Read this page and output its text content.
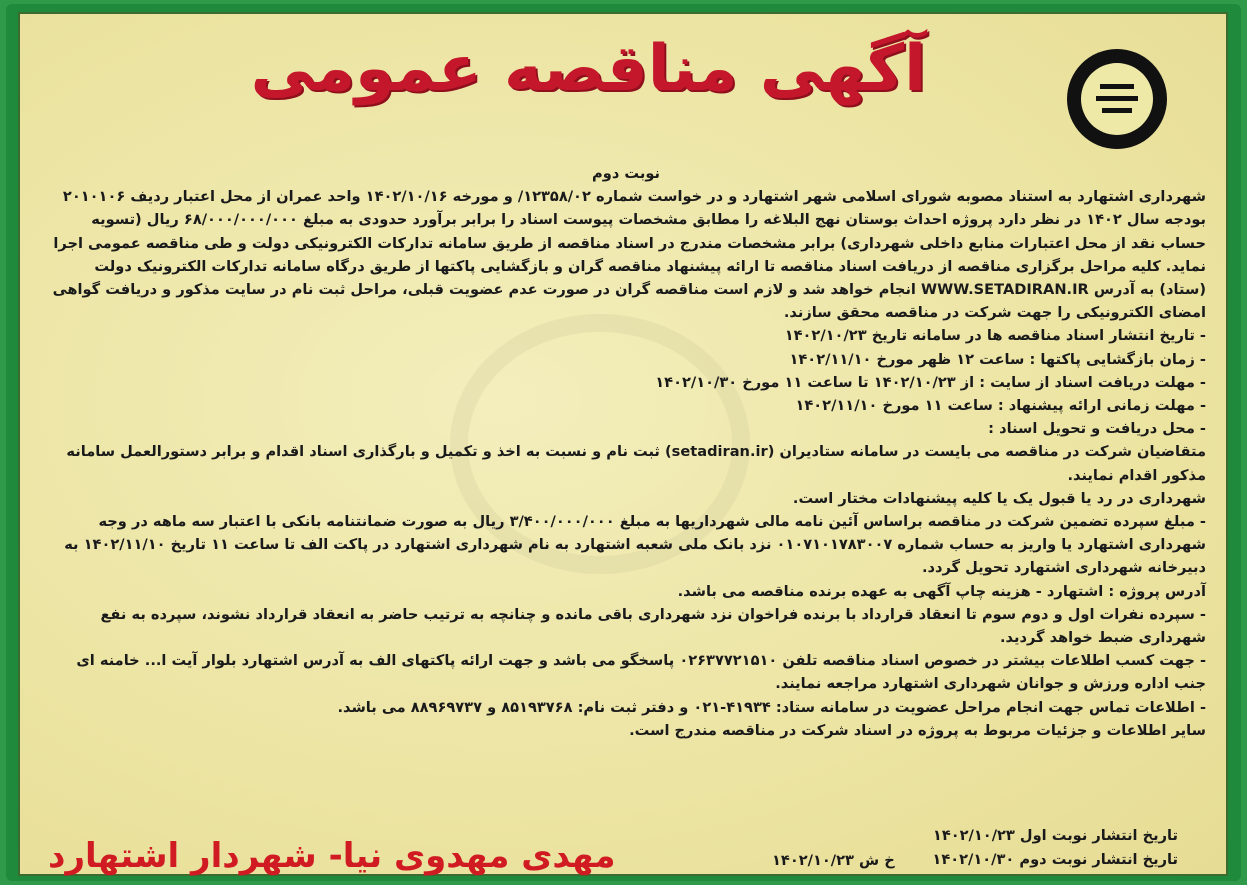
آگهی مناقصه عمومی

نوبت دوم

شهرداری اشتهارد به استناد مصوبه شورای اسلامی شهر اشتهارد و در خواست شماره ۱۲۳۵۸/۰۲/ و مورخه ۱۴۰۲/۱۰/۱۶ واحد عمران از محل اعتبار ردیف ۲۰۱۰۱۰۶ بودجه سال ۱۴۰۲ در نظر دارد پروژه احداث بوستان نهج البلاغه را مطابق مشخصات پیوست اسناد را برابر برآورد حدودی به مبلغ ۶۸/۰۰۰/۰۰۰/۰۰۰ ریال (تسویه حساب نقد از محل اعتبارات منابع داخلی شهرداری) برابر مشخصات مندرج در اسناد مناقصه از طریق سامانه تدارکات الکترونیکی دولت و طی مناقصه عمومی اجرا نماید. کلیه مراحل برگزاری مناقصه از دریافت اسناد مناقصه تا ارائه پیشنهاد مناقصه گران و بازگشایی پاکتها از طریق درگاه سامانه تدارکات الکترونیک دولت (ستاد) به آدرس WWW.SETADIRAN.IR انجام خواهد شد و لازم است مناقصه گران در صورت عدم عضویت قبلی، مراحل ثبت نام در سایت مذکور و دریافت گواهی امضای الکترونیکی را جهت شرکت در مناقصه محقق سازند.

- تاریخ انتشار اسناد مناقصه ها در سامانه تاریخ ۱۴۰۲/۱۰/۲۳

- زمان بازگشایی پاکتها : ساعت ۱۲ ظهر مورخ ۱۴۰۲/۱۱/۱۰

- مهلت دریافت اسناد از سایت : از ۱۴۰۲/۱۰/۲۳ تا ساعت ۱۱ مورخ ۱۴۰۲/۱۰/۳۰

- مهلت زمانی ارائه پیشنهاد : ساعت ۱۱ مورخ ۱۴۰۲/۱۱/۱۰

- محل دریافت و تحویل اسناد :

متقاضیان شرکت در مناقصه می بایست در سامانه ستادیران (setadiran.ir) ثبت نام و نسبت به اخذ و تکمیل و بارگذاری اسناد اقدام و برابر دستورالعمل سامانه مذکور اقدام نمایند.

شهرداری در رد یا قبول یک یا کلیه پیشنهادات مختار است.

- مبلغ سپرده تضمین شرکت در مناقصه براساس آئین نامه مالی شهرداریها به مبلغ ۳/۴۰۰/۰۰۰/۰۰۰ ریال به صورت ضمانتنامه بانکی با اعتبار سه ماهه در وجه شهرداری اشتهارد یا واریز به حساب شماره ۰۱۰۷۱۰۱۷۸۳۰۰۷ نزد بانک ملی شعبه اشتهارد به نام شهرداری اشتهارد در پاکت الف تا ساعت ۱۱ تاریخ ۱۴۰۲/۱۱/۱۰ به دبیرخانه شهرداری اشتهارد تحویل گردد.

آدرس پروژه : اشتهارد - هزینه چاپ آگهی به عهده برنده مناقصه می باشد.

- سپرده نفرات اول و دوم سوم تا انعقاد قرارداد با برنده فراخوان نزد شهرداری باقی مانده و چنانچه به ترتیب حاضر به انعقاد قرارداد نشوند، سپرده به نفع شهرداری ضبط خواهد گردید.

- جهت کسب اطلاعات بیشتر در خصوص اسناد مناقصه تلفن ۰۲۶۳۷۷۲۱۵۱۰ پاسخگو می باشد و جهت ارائه پاکتهای الف به آدرس اشتهارد بلوار آیت ا... خامنه ای جنب اداره ورزش و جوانان شهرداری اشتهارد مراجعه نمایند.

- اطلاعات تماس جهت انجام مراحل عضویت در سامانه ستاد: ۴۱۹۳۴-۰۲۱ و دفتر ثبت نام: ۸۵۱۹۳۷۶۸ و ۸۸۹۶۹۷۳۷ می باشد.

سایر اطلاعات و جزئیات مربوط به پروژه در اسناد شرکت در مناقصه مندرج است.

تاریخ انتشار نوبت اول ۱۴۰۲/۱۰/۲۳
تاریخ انتشار نوبت دوم ۱۴۰۲/۱۰/۳۰
خ ش ۱۴۰۲/۱۰/۲۳
مهدی مهدوی نیا- شهردار اشتهارد
